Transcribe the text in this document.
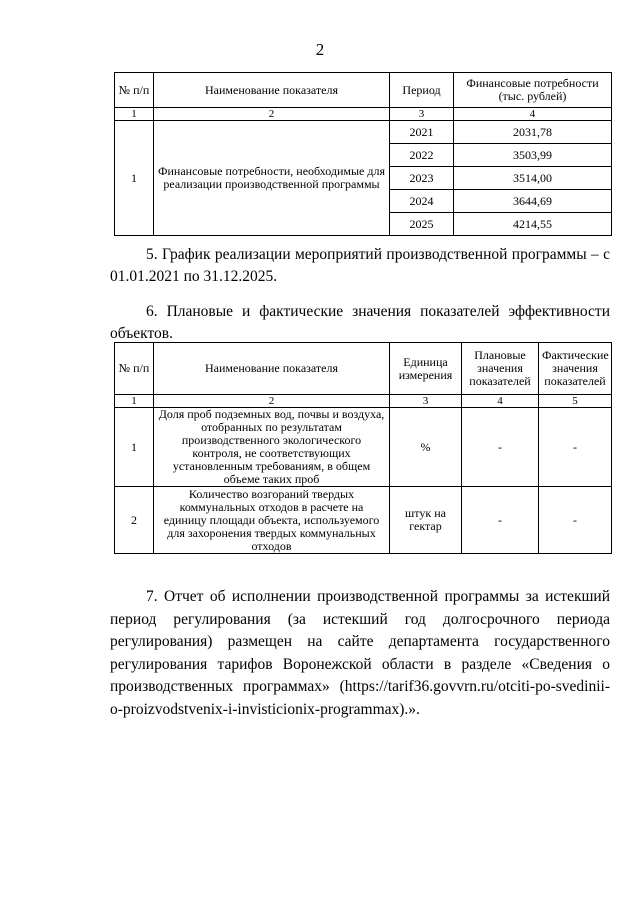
2
№ п/п	Наименование показателя	Период	Финансовые потребности (тыс. рублей)
1	2	3	4
1	Финансовые потребности, необходимые для реализации производственной программы	2021	2031,78
		2022	3503,99
		2023	3514,00
		2024	3644,69
		2025	4214,55
5. График реализации мероприятий производственной программы – с 01.01.2021 по 31.12.2025.
6. Плановые и фактические значения показателей эффективности объектов.
№ п/п	Наименование показателя	Единица измерения	Плановые значения показателей	Фактические значения показателей
1	2	3	4	5
1	Доля проб подземных вод, почвы и воздуха, отобранных по результатам производственного экологического контроля, не соответствующих установленным требованиям, в общем объеме таких проб	%	-	-
2	Количество возгораний твердых коммунальных отходов в расчете на единицу площади объекта, используемого для захоронения твердых коммунальных отходов	штук на гектар	-	-
7. Отчет об исполнении производственной программы за истекший период регулирования (за истекший год долгосрочного периода регулирования) размещен на сайте департамента государственного регулирования тарифов Воронежской области в разделе «Сведения о производственных программах» (https://tarif36.govvrn.ru/otciti-po-svedinii-o-proizvodstvenix-i-invisticionix-programmax).».
